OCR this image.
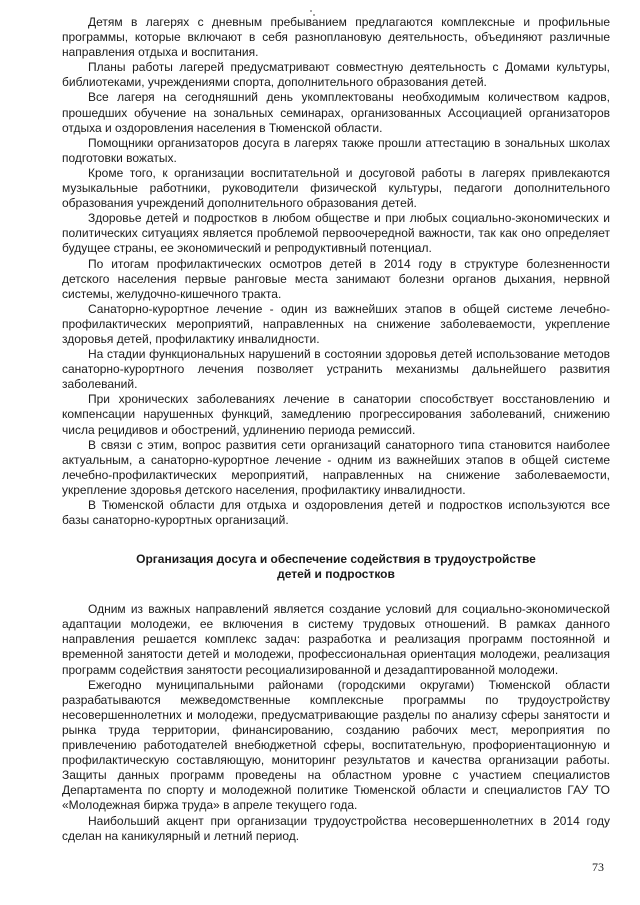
Детям в лагерях с дневным пребыванием предлагаются комплексные и профильные программы, которые включают в себя разноплановую деятельность, объединяют различные направления отдыха и воспитания.

Планы работы лагерей предусматривают совместную деятельность с Домами культуры, библиотеками, учреждениями спорта, дополнительного образования детей.

Все лагеря на сегодняшний день укомплектованы необходимым количеством кадров, прошедших обучение на зональных семинарах, организованных Ассоциацией организаторов отдыха и оздоровления населения в Тюменской области.

Помощники организаторов досуга в лагерях также прошли аттестацию в зональных школах подготовки вожатых.

Кроме того, к организации воспитательной и досуговой работы в лагерях привлекаются музыкальные работники, руководители физической культуры, педагоги дополнительного образования учреждений дополнительного образования детей.

Здоровье детей и подростков в любом обществе и при любых социально-экономических и политических ситуациях является проблемой первоочередной важности, так как оно определяет будущее страны, ее экономический и репродуктивный потенциал.

По итогам профилактических осмотров детей в 2014 году в структуре болезненности детского населения первые ранговые места занимают болезни органов дыхания, нервной системы, желудочно-кишечного тракта.

Санаторно-курортное лечение - один из важнейших этапов в общей системе лечебно-профилактических мероприятий, направленных на снижение заболеваемости, укрепление здоровья детей, профилактику инвалидности.

На стадии функциональных нарушений в состоянии здоровья детей использование методов санаторно-курортного лечения позволяет устранить механизмы дальнейшего развития заболеваний.

При хронических заболеваниях лечение в санатории способствует восстановлению и компенсации нарушенных функций, замедлению прогрессирования заболеваний, снижению числа рецидивов и обострений, удлинению периода ремиссий.

В связи с этим, вопрос развития сети организаций санаторного типа становится наиболее актуальным, а санаторно-курортное лечение - одним из важнейших этапов в общей системе лечебно-профилактических мероприятий, направленных на снижение заболеваемости, укрепление здоровья детского населения, профилактику инвалидности.

В Тюменской области для отдыха и оздоровления детей и подростков используются все базы санаторно-курортных организаций.

Организация досуга и обеспечение содействия в трудоустройстве
детей и подростков

Одним из важных направлений является создание условий для социально-экономической адаптации молодежи, ее включения в систему трудовых отношений. В рамках данного направления решается комплекс задач: разработка и реализация программ постоянной и временной занятости детей и молодежи, профессиональная ориентация молодежи, реализация программ содействия занятости ресоциализированной и дезадаптированной молодежи.

Ежегодно муниципальными районами (городскими округами) Тюменской области разрабатываются межведомственные комплексные программы по трудоустройству несовершеннолетних и молодежи, предусматривающие разделы по анализу сферы занятости и рынка труда территории, финансированию, созданию рабочих мест, мероприятия по привлечению работодателей внебюджетной сферы, воспитательную, профориентационную и профилактическую составляющую, мониторинг результатов и качества организации работы. Защиты данных программ проведены на областном уровне с участием специалистов Департамента по спорту и молодежной политике Тюменской области и специалистов ГАУ ТО «Молодежная биржа труда» в апреле текущего года.

Наибольший акцент при организации трудоустройства несовершеннолетних в 2014 году сделан на каникулярный и летний период.

73
